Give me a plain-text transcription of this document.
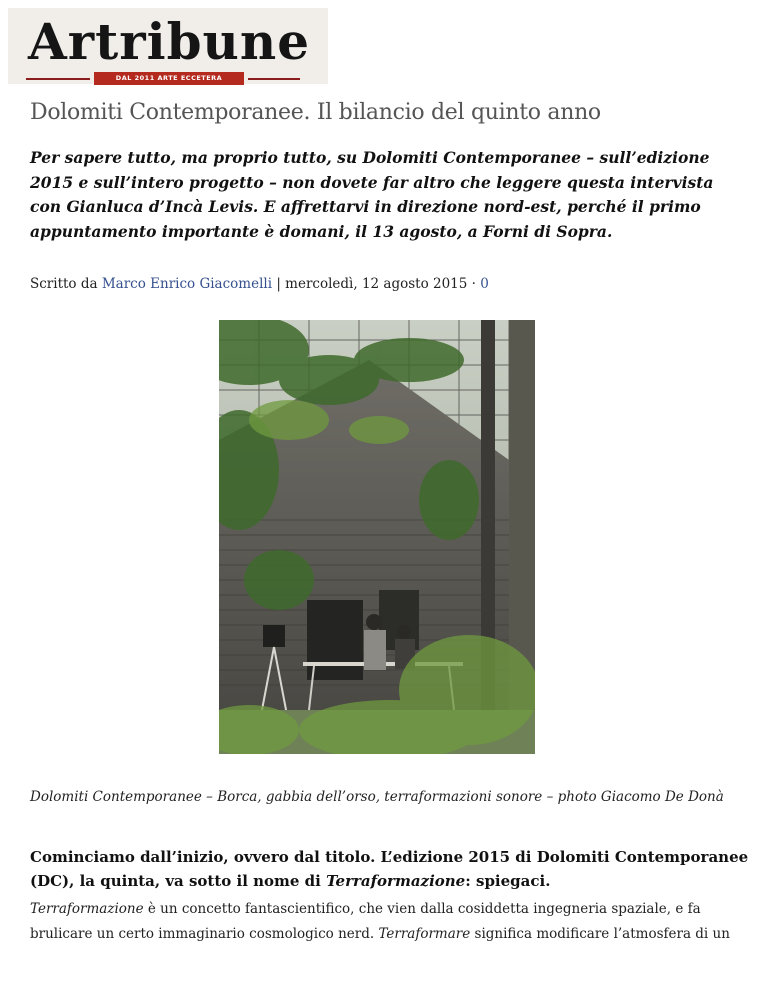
Artribune
DAL 2011 ARTE ECCETERA ECCETERA
Dolomiti Contemporanee. Il bilancio del quinto anno

Per sapere tutto, ma proprio tutto, su Dolomiti Contemporanee – sull’edizione 2015 e sull’intero progetto – non dovete far altro che leggere questa intervista con Gianluca d’Incà Levis. E affrettarvi in direzione nord-est, perché il primo appuntamento importante è domani, il 13 agosto, a Forni di Sopra.

Scritto da Marco Enrico Giacomelli | mercoledì, 12 agosto 2015 · 0

Dolomiti Contemporanee – Borca, gabbia dell’orso, terraformazioni sonore – photo Giacomo De Donà

Cominciamo dall’inizio, ovvero dal titolo. L’edizione 2015 di Dolomiti Contemporanee (DC), la quinta, va sotto il nome di Terraformazione: spiegaci.

Terraformazione è un concetto fantascientifico, che vien dalla cosiddetta ingegneria spaziale, e fa brulicare un certo immaginario cosmologico nerd. Terraformare significa modificare l’atmosfera di un
